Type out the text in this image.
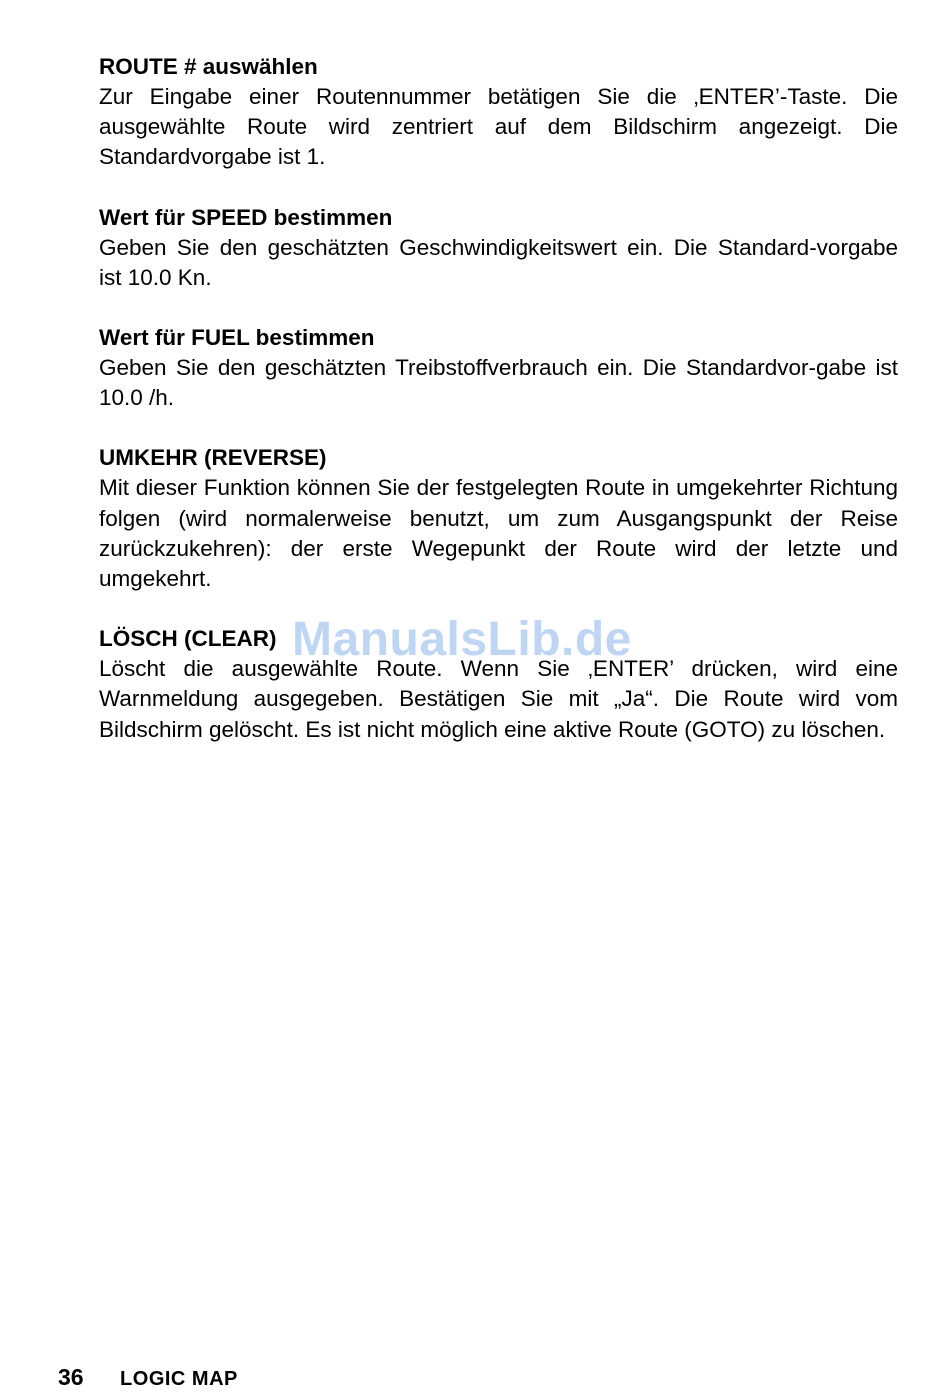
ROUTE # auswählen

Zur Eingabe einer Routennummer betätigen Sie die ‚ENTER’-Taste. Die ausgewählte Route wird zentriert auf dem Bildschirm angezeigt. Die Standardvorgabe ist 1.

Wert für SPEED bestimmen

Geben Sie den geschätzten Geschwindigkeitswert ein. Die Standard-vorgabe ist 10.0 Kn.

Wert für FUEL bestimmen

Geben Sie den geschätzten Treibstoffverbrauch ein. Die Standardvor-gabe ist 10.0 /h.

UMKEHR (REVERSE)

Mit dieser Funktion können Sie der festgelegten Route in umgekehrter Richtung folgen (wird normalerweise benutzt, um zum Ausgangspunkt der Reise zurückzukehren): der erste Wegepunkt der Route wird der letzte und umgekehrt.

LÖSCH (CLEAR)

Löscht die ausgewählte Route. Wenn Sie ‚ENTER’ drücken, wird eine Warnmeldung ausgegeben. Bestätigen Sie mit „Ja“. Die Route wird vom Bildschirm gelöscht. Es ist nicht möglich eine aktive Route (GOTO) zu löschen.

ManualsLib.de
36 LOGIC MAP
